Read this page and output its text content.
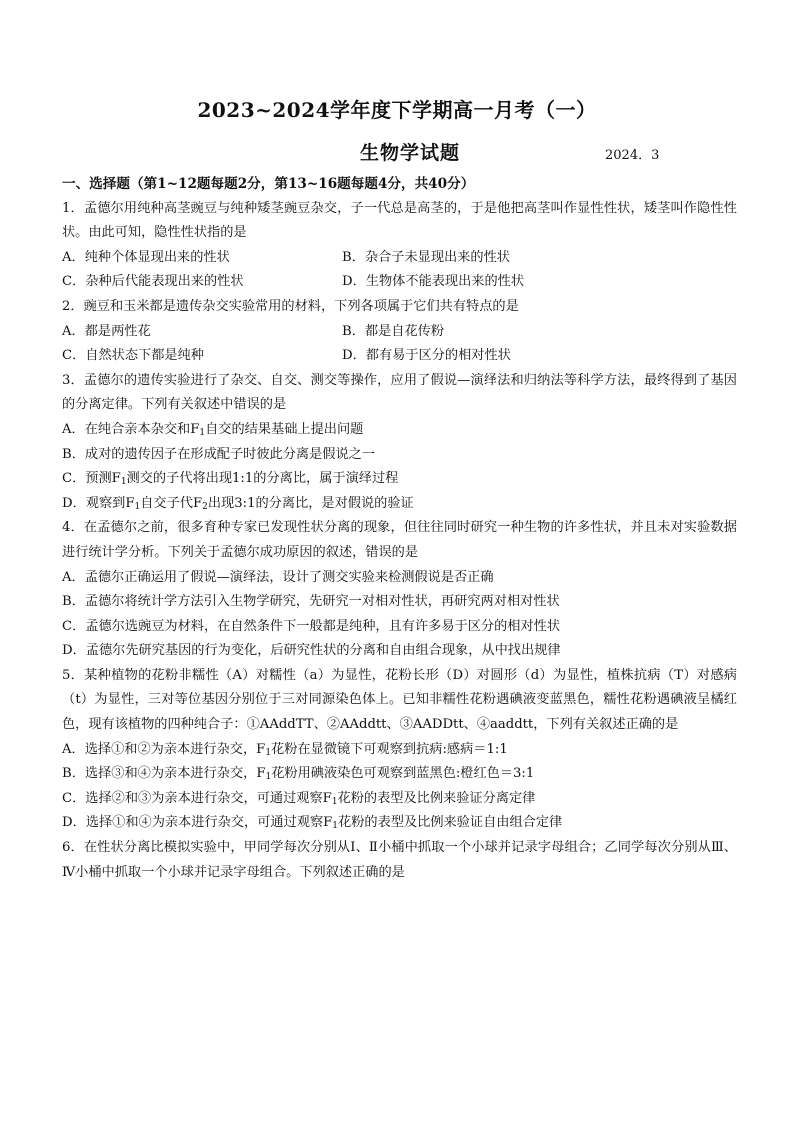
2023~2024学年度下学期高一月考（一）
生物学试题	2024．3
一、选择题（第1~12题每题2分，第13~16题每题4分，共40分）
1．孟德尔用纯种高茎豌豆与纯种矮茎豌豆杂交，子一代总是高茎的，于是他把高茎叫作显性性状，矮茎叫作隐性性状。由此可知，隐性性状指的是
A．纯种个体显现出来的性状	B．杂合子未显现出来的性状
C．杂种后代能表现出来的性状	D．生物体不能表现出来的性状
2．豌豆和玉米都是遗传杂交实验常用的材料，下列各项属于它们共有特点的是
A．都是两性花	B．都是自花传粉
C．自然状态下都是纯种	D．都有易于区分的相对性状
3．孟德尔的遗传实验进行了杂交、自交、测交等操作，应用了假说—演绎法和归纳法等科学方法，最终得到了基因的分离定律。下列有关叙述中错误的是
A．在纯合亲本杂交和$F_1$自交的结果基础上提出问题
B．成对的遗传因子在形成配子时彼此分离是假说之一
C．预测$F_1$测交的子代将出现1:1的分离比，属于演绎过程
D．观察到$F_1$自交子代$F_2$出现3:1的分离比，是对假说的验证
4．在孟德尔之前，很多育种专家已发现性状分离的现象，但往往同时研究一种生物的许多性状，并且未对实验数据进行统计学分析。下列关于孟德尔成功原因的叙述，错误的是
A．孟德尔正确运用了假说—演绎法，设计了测交实验来检测假说是否正确
B．孟德尔将统计学方法引入生物学研究，先研究一对相对性状，再研究两对相对性状
C．孟德尔选豌豆为材料，在自然条件下一般都是纯种，且有许多易于区分的相对性状
D．孟德尔先研究基因的行为变化，后研究性状的分离和自由组合现象，从中找出规律
5．某种植物的花粉非糯性（A）对糯性（a）为显性，花粉长形（D）对圆形（d）为显性，植株抗病（T）对感病（t）为显性，三对等位基因分别位于三对同源染色体上。已知非糯性花粉遇碘液变蓝黑色，糯性花粉遇碘液呈橘红色，现有该植物的四种纯合子：①AAddTT、②AAddtt、③AADDtt、④aaddtt，下列有关叙述正确的是
A．选择①和②为亲本进行杂交，$F_1$花粉在显微镜下可观察到抗病:感病＝1:1
B．选择③和④为亲本进行杂交，$F_1$花粉用碘液染色可观察到蓝黑色:橙红色＝3:1
C．选择②和③为亲本进行杂交，可通过观察$F_1$花粉的表型及比例来验证分离定律
D．选择①和④为亲本进行杂交，可通过观察$F_1$花粉的表型及比例来验证自由组合定律
6．在性状分离比模拟实验中，甲同学每次分别从Ⅰ、Ⅱ小桶中抓取一个小球并记录字母组合；乙同学每次分别从Ⅲ、Ⅳ小桶中抓取一个小球并记录字母组合。下列叙述正确的是
